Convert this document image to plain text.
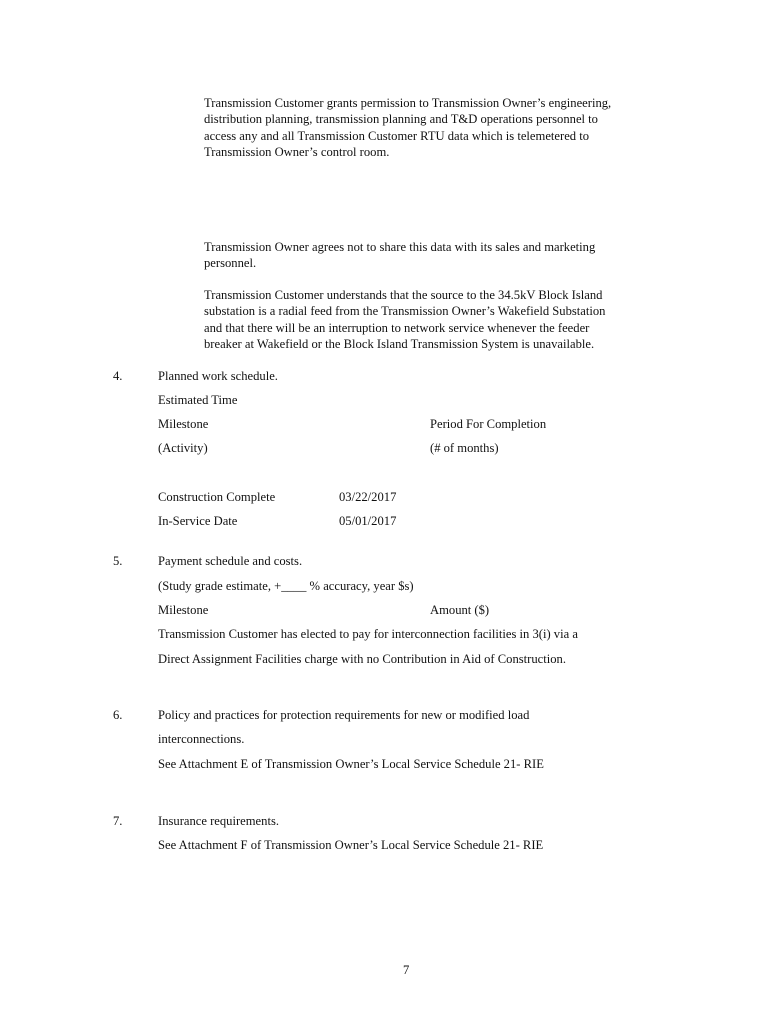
Transmission Customer grants permission to Transmission Owner’s engineering,
distribution planning, transmission planning and T&D operations personnel to
access any and all Transmission Customer RTU data which is telemetered to
Transmission Owner’s control room.
Transmission Owner agrees not to share this data with its sales and marketing
personnel.
Transmission Customer understands that the source to the 34.5kV Block Island
substation is a radial feed from the Transmission Owner’s Wakefield Substation
and that there will be an interruption to network service whenever the feeder
breaker at Wakefield or the Block Island Transmission System is unavailable.
4.	Planned work schedule.
Estimated Time
Milestone	Period For Completion
(Activity)	(# of months)
Construction Complete	03/22/2017
In-Service Date	05/01/2017
5.	Payment schedule and costs.
(Study grade estimate, +____ % accuracy, year $s)
Milestone	Amount ($)
Transmission Customer has elected to pay for interconnection facilities in 3(i) via a
Direct Assignment Facilities charge with no Contribution in Aid of Construction.
6.	Policy and practices for protection requirements for new or modified load
interconnections.
See Attachment E of Transmission Owner’s Local Service Schedule 21- RIE
7.	Insurance requirements.
See Attachment F of Transmission Owner’s Local Service Schedule 21- RIE
7
